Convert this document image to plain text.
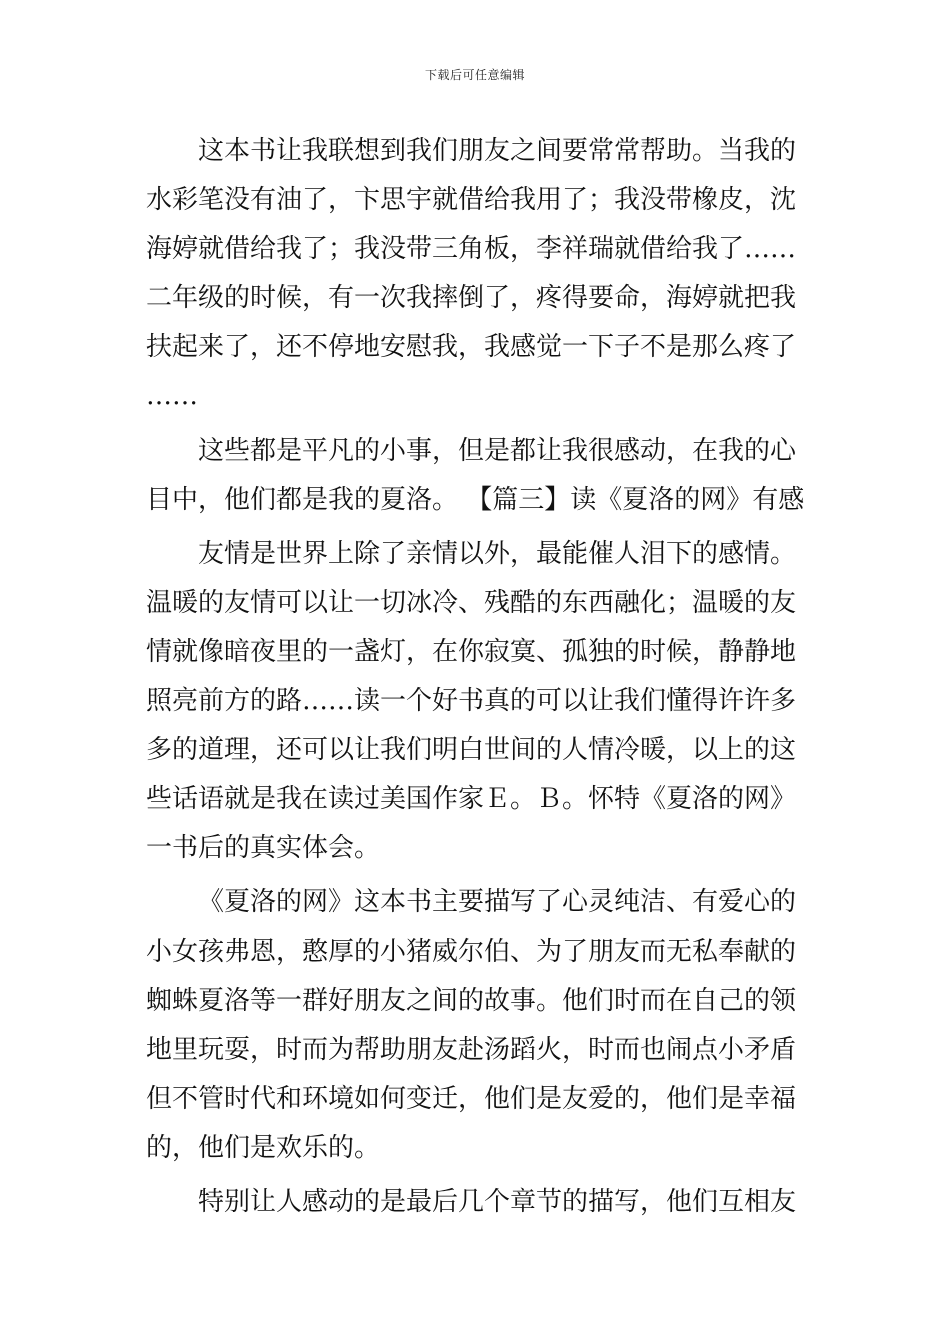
下载后可任意编辑
这本书让我联想到我们朋友之间要常常帮助。当我的
水彩笔没有油了，卞思宇就借给我用了；我没带橡皮，沈
海婷就借给我了；我没带三角板，李祥瑞就借给我了……
二年级的时候，有一次我摔倒了，疼得要命，海婷就把我
扶起来了，还不停地安慰我，我感觉一下子不是那么疼了
……
这些都是平凡的小事，但是都让我很感动，在我的心
目中，他们都是我的夏洛。 【篇三】读《夏洛的网》有感
友情是世界上除了亲情以外，最能催人泪下的感情。
温暖的友情可以让一切冰冷、残酷的东西融化；温暖的友
情就像暗夜里的一盏灯，在你寂寞、孤独的时候，静静地
照亮前方的路……读一个好书真的可以让我们懂得许许多
多的道理，还可以让我们明白世间的人情冷暖，以上的这
些话语就是我在读过美国作家Ｅ。Ｂ。怀特《夏洛的网》
一书后的真实体会。
《夏洛的网》这本书主要描写了心灵纯洁、有爱心的
小女孩弗恩，憨厚的小猪威尔伯、为了朋友而无私奉献的
蜘蛛夏洛等一群好朋友之间的故事。他们时而在自己的领
地里玩耍，时而为帮助朋友赴汤蹈火，时而也闹点小矛盾
但不管时代和环境如何变迁，他们是友爱的，他们是幸福
的，他们是欢乐的。
特别让人感动的是最后几个章节的描写，他们互相友
